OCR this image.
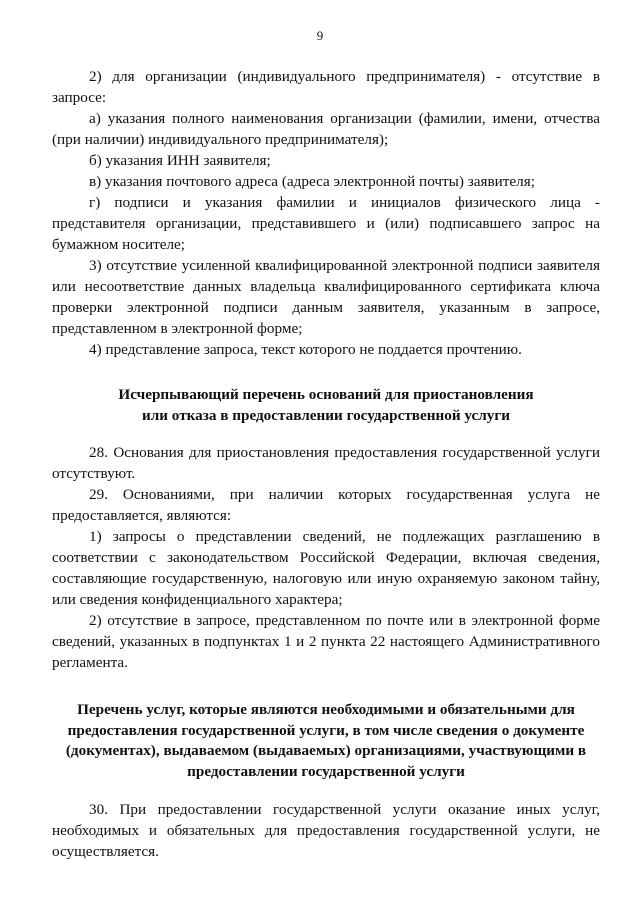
9

2) для организации (индивидуального предпринимателя) - отсутствие в запросе:

а) указания полного наименования организации (фамилии, имени, отчества (при наличии) индивидуального предпринимателя);

б) указания ИНН заявителя;

в) указания почтового адреса (адреса электронной почты) заявителя;

г) подписи и указания фамилии и инициалов физического лица - представителя организации, представившего и (или) подписавшего запрос на бумажном носителе;

3) отсутствие усиленной квалифицированной электронной подписи заявителя или несоответствие данных владельца квалифицированного сертификата ключа проверки электронной подписи данным заявителя, указанным в запросе, представленном в электронной форме;

4) представление запроса, текст которого не поддается прочтению.

Исчерпывающий перечень оснований для приостановления
или отказа в предоставлении государственной услуги

28. Основания для приостановления предоставления государственной услуги отсутствуют.

29. Основаниями, при наличии которых государственная услуга не предоставляется, являются:

1) запросы о представлении сведений, не подлежащих разглашению в соответствии с законодательством Российской Федерации, включая сведения, составляющие государственную, налоговую или иную охраняемую законом тайну, или сведения конфиденциального характера;

2) отсутствие в запросе, представленном по почте или в электронной форме сведений, указанных в подпунктах 1 и 2 пункта 22 настоящего Административного регламента.

Перечень услуг, которые являются необходимыми и обязательными для
предоставления государственной услуги, в том числе сведения о документе
(документах), выдаваемом (выдаваемых) организациями, участвующими в
предоставлении государственной услуги

30. При предоставлении государственной услуги оказание иных услуг, необходимых и обязательных для предоставления государственной услуги, не осуществляется.
